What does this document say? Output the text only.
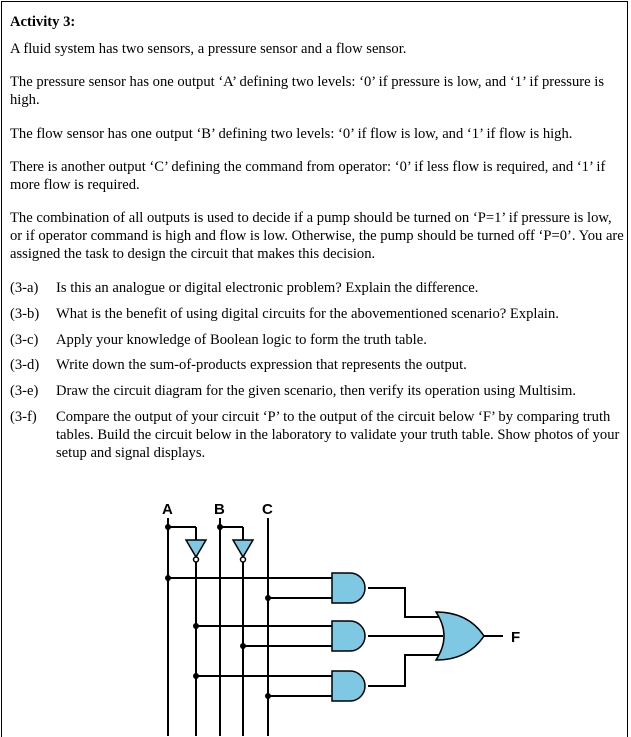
Activity 3:
A fluid system has two sensors, a pressure sensor and a flow sensor.
The pressure sensor has one output ‘A’ defining two levels: ‘0’ if pressure is low, and ‘1’ if pressure is high.
The flow sensor has one output ‘B’ defining two levels: ‘0’ if flow is low, and ‘1’ if flow is high.
There is another output ‘C’ defining the command from operator: ‘0’ if less flow is required, and ‘1’ if more flow is required.
The combination of all outputs is used to decide if a pump should be turned on ‘P=1’ if pressure is low, or if operator command is high and flow is low. Otherwise, the pump should be turned off ‘P=0’. You are assigned the task to design the circuit that makes this decision.
(3-a) Is this an analogue or digital electronic problem? Explain the difference.
(3-b) What is the benefit of using digital circuits for the abovementioned scenario? Explain.
(3-c) Apply your knowledge of Boolean logic to form the truth table.
(3-d) Write down the sum-of-products expression that represents the output.
(3-e) Draw the circuit diagram for the given scenario, then verify its operation using Multisim.
(3-f) Compare the output of your circuit ‘P’ to the output of the circuit below ‘F’ by comparing truth tables. Build the circuit below in the laboratory to validate your truth table. Show photos of your setup and signal displays.
A	B C
F
